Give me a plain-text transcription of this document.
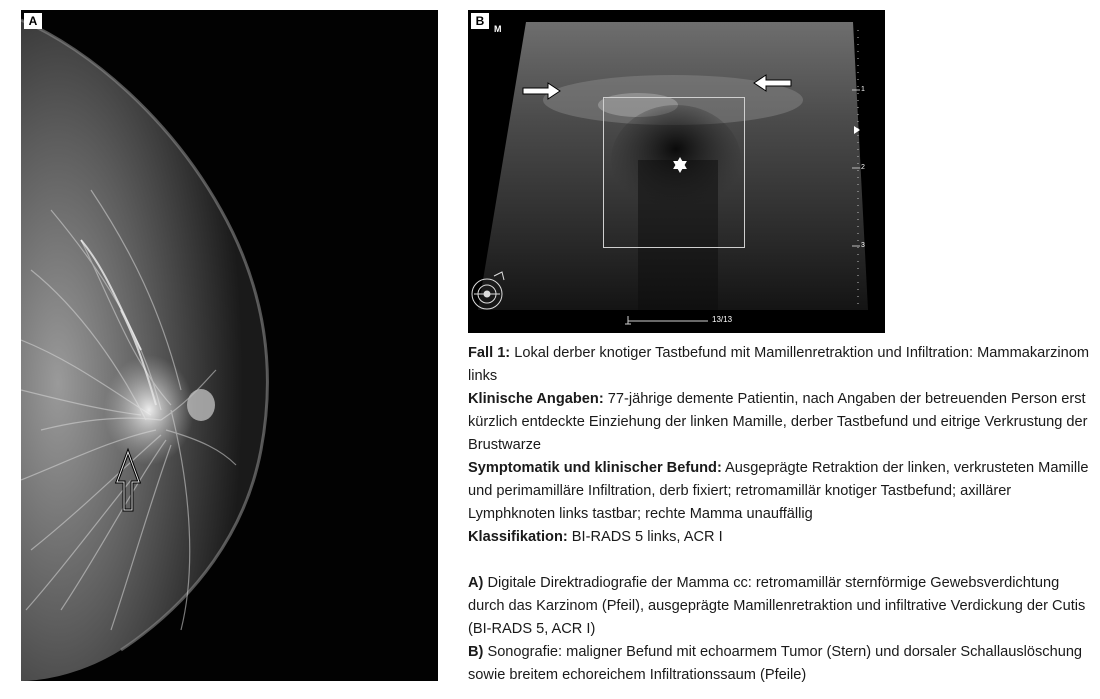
A	B
M
1
2
3
13/13

Fall 1: Lokal derber knotiger Tastbefund mit Mamillenretraktion und Infiltration: Mammakarzinom links

Klinische Angaben: 77-jährige demente Patientin, nach Angaben der betreuenden Person erst kürzlich entdeckte Einziehung der linken Mamille, derber Tastbefund und eitrige Verkrustung der Brustwarze

Symptomatik und klinischer Befund: Ausgeprägte Retraktion der linken, verkrusteten Mamille und perimamilläre Infiltration, derb fixiert; retromamillär knotiger Tastbefund; axillärer Lymphknoten links tastbar; rechte Mamma unauffällig

Klassifikation: BI-RADS 5 links, ACR I

A) Digitale Direktradiografie der Mamma cc: retromamillär sternförmige Gewebsverdichtung durch das Karzinom (Pfeil), ausgeprägte Mamillenretraktion und infiltrative Verdickung der Cutis (BI-RADS 5, ACR I)

B) Sonografie: maligner Befund mit echoarmem Tumor (Stern) und dorsaler Schallauslöschung sowie breitem echoreichem Infiltrationssaum (Pfeile)
